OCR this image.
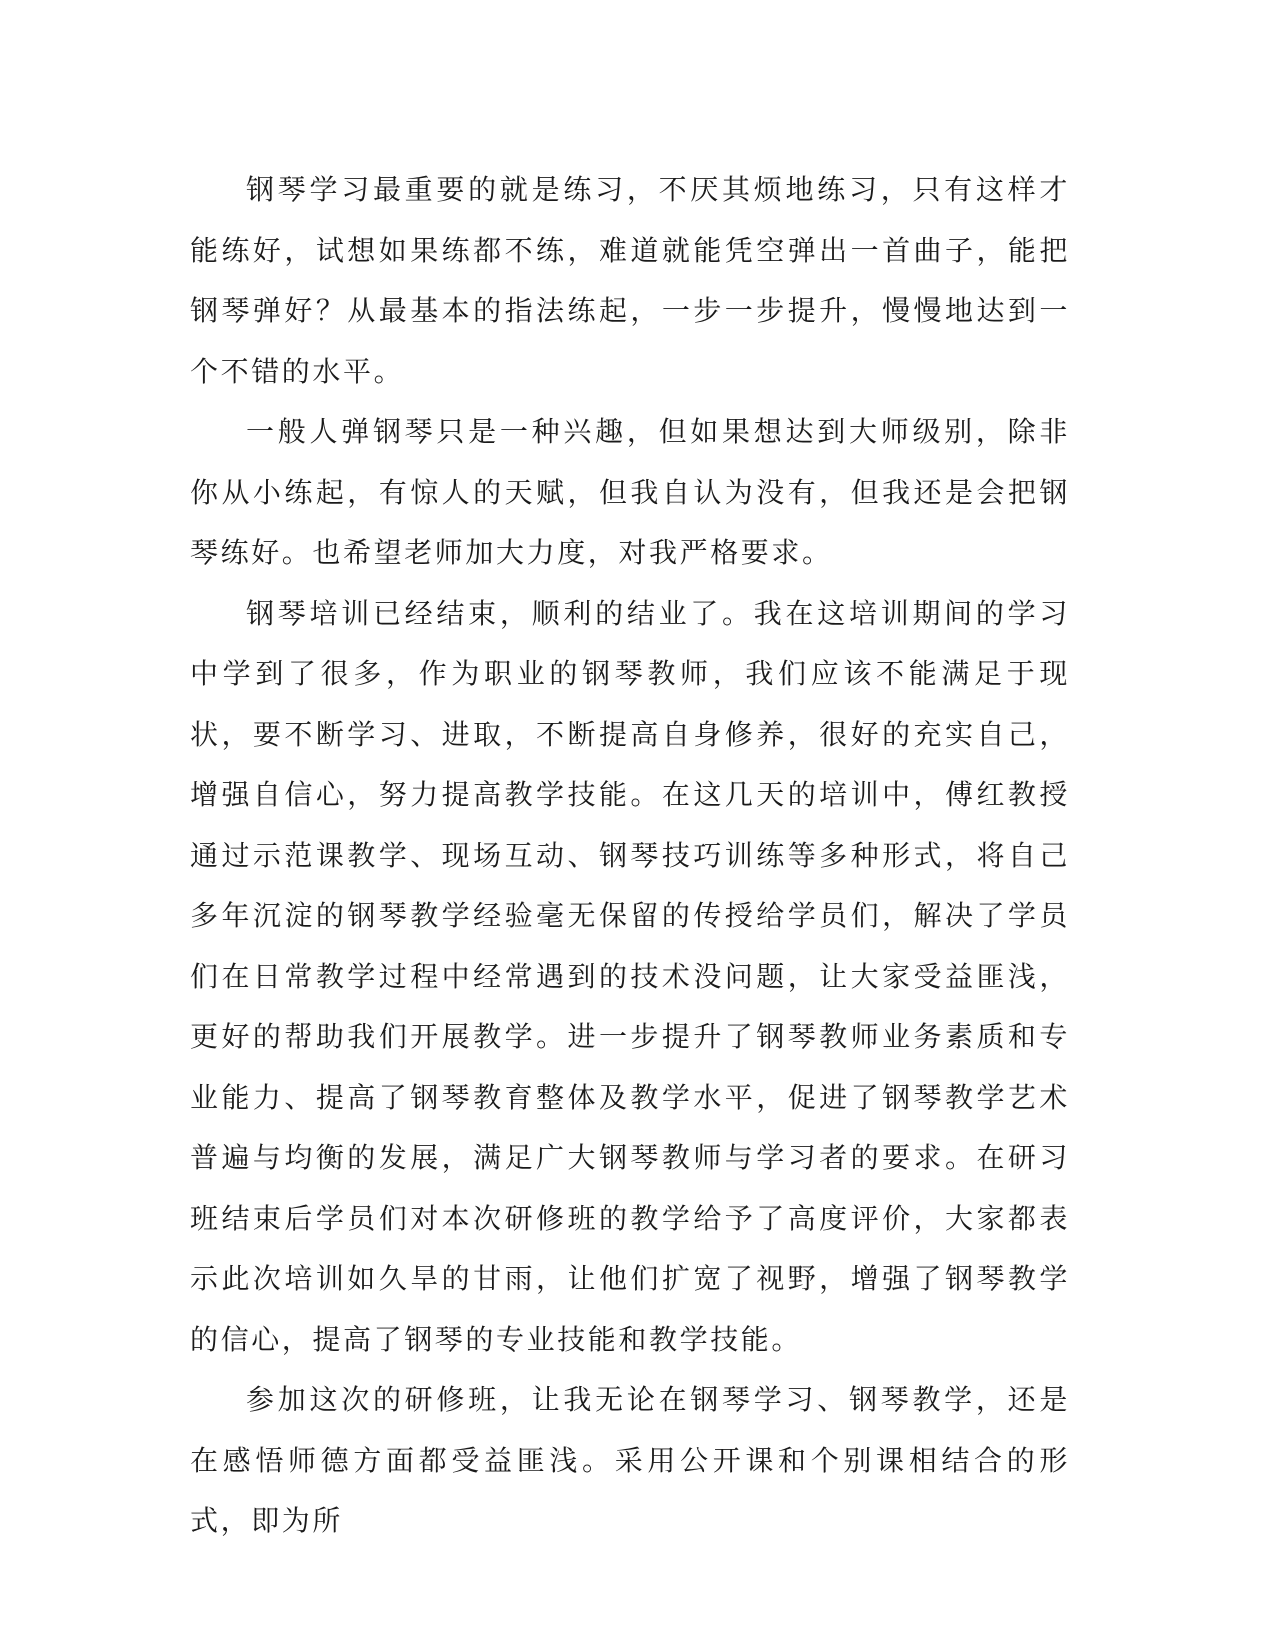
钢琴学习最重要的就是练习，不厌其烦地练习，只有这样才能练好，试想如果练都不练，难道就能凭空弹出一首曲子，能把钢琴弹好？从最基本的指法练起，一步一步提升，慢慢地达到一个不错的水平。

一般人弹钢琴只是一种兴趣，但如果想达到大师级别，除非你从小练起，有惊人的天赋，但我自认为没有，但我还是会把钢琴练好。也希望老师加大力度，对我严格要求。

钢琴培训已经结束，顺利的结业了。我在这培训期间的学习中学到了很多，作为职业的钢琴教师，我们应该不能满足于现状，要不断学习、进取，不断提高自身修养，很好的充实自己，增强自信心，努力提高教学技能。在这几天的培训中，傅红教授通过示范课教学、现场互动、钢琴技巧训练等多种形式，将自己多年沉淀的钢琴教学经验毫无保留的传授给学员们，解决了学员们在日常教学过程中经常遇到的技术没问题，让大家受益匪浅，更好的帮助我们开展教学。进一步提升了钢琴教师业务素质和专业能力、提高了钢琴教育整体及教学水平，促进了钢琴教学艺术普遍与均衡的发展，满足广大钢琴教师与学习者的要求。在研习班结束后学员们对本次研修班的教学给予了高度评价，大家都表示此次培训如久旱的甘雨，让他们扩宽了视野，增强了钢琴教学的信心，提高了钢琴的专业技能和教学技能。

参加这次的研修班，让我无论在钢琴学习、钢琴教学，还是在感悟师德方面都受益匪浅。采用公开课和个别课相结合的形式，即为所
